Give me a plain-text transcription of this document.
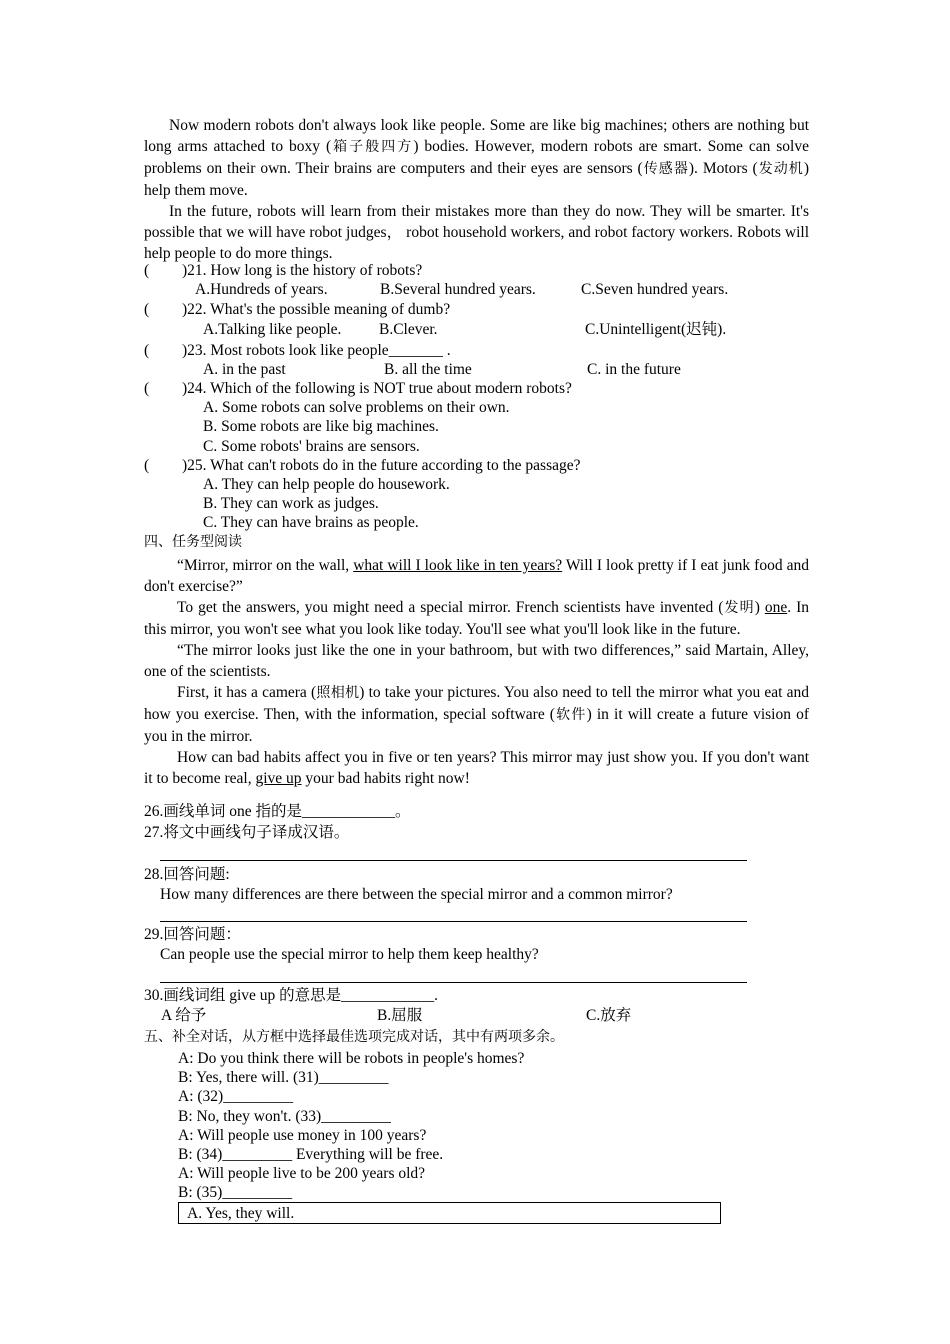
Now modern robots don't always look like people. Some are like big machines; others are nothing but long arms attached to boxy (箱子般四方) bodies. However, modern robots are smart. Some can solve problems on their own. Their brains are computers and their eyes are sensors (传感器). Motors (发动机) help them move.

In the future, robots will learn from their mistakes more than they do now. They will be smarter. It's possible that we will have robot judges， robot household workers, and robot factory workers. Robots will help people to do more things.

( )21. How long is the history of robots?
A.Hundreds of years.	B.Several hundred years.	C.Seven hundred years.
( )22. What's the possible meaning of dumb?
A.Talking like people. B.Clever.	C.Unintelligent(迟钝).
( )23. Most robots look like people_______ .
A. in the past	B. all the time	C. in the future
( )24. Which of the following is NOT true about modern robots?
A. Some robots can solve problems on their own.
B. Some robots are like big machines.
C. Some robots' brains are sensors.
( )25. What can't robots do in the future according to the passage?
A. They can help people do housework.
B. They can work as judges.
C. They can have brains as people.
四、任务型阅读

“Mirror, mirror on the wall, what will I look like in ten years? Will I look pretty if I eat junk food and don't exercise?”

To get the answers, you might need a special mirror. French scientists have invented (发明) one. In this mirror, you won't see what you look like today. You'll see what you'll look like in the future.

“The mirror looks just like the one in your bathroom, but with two differences,” said Martain, Alley, one of the scientists.

First, it has a camera (照相机) to take your pictures. You also need to tell the mirror what you eat and how you exercise. Then, with the information, special software (软件) in it will create a future vision of you in the mirror.

How can bad habits affect you in five or ten years? This mirror may just show you. If you don't want it to become real, give up your bad habits right now!

26.画线单词 one 指的是____________。
27.将文中画线句子译成汉语。
28.回答问题:
How many differences are there between the special mirror and a common mirror?
29.回答问题：
Can people use the special mirror to help them keep healthy?
30.画线词组 give up 的意思是____________.
A 给予	B.屈服	C.放弃
五、补全对话，从方框中选择最佳选项完成对话，其中有两项多余。
A: Do you think there will be robots in people's homes?
B: Yes, there will. (31)_________
A: (32)_________
B: No, they won't. (33)_________
A: Will people use money in 100 years?
B: (34)_________ Everything will be free.
A: Will people live to be 200 years old?
B: (35)_________
A. Yes, they will.
